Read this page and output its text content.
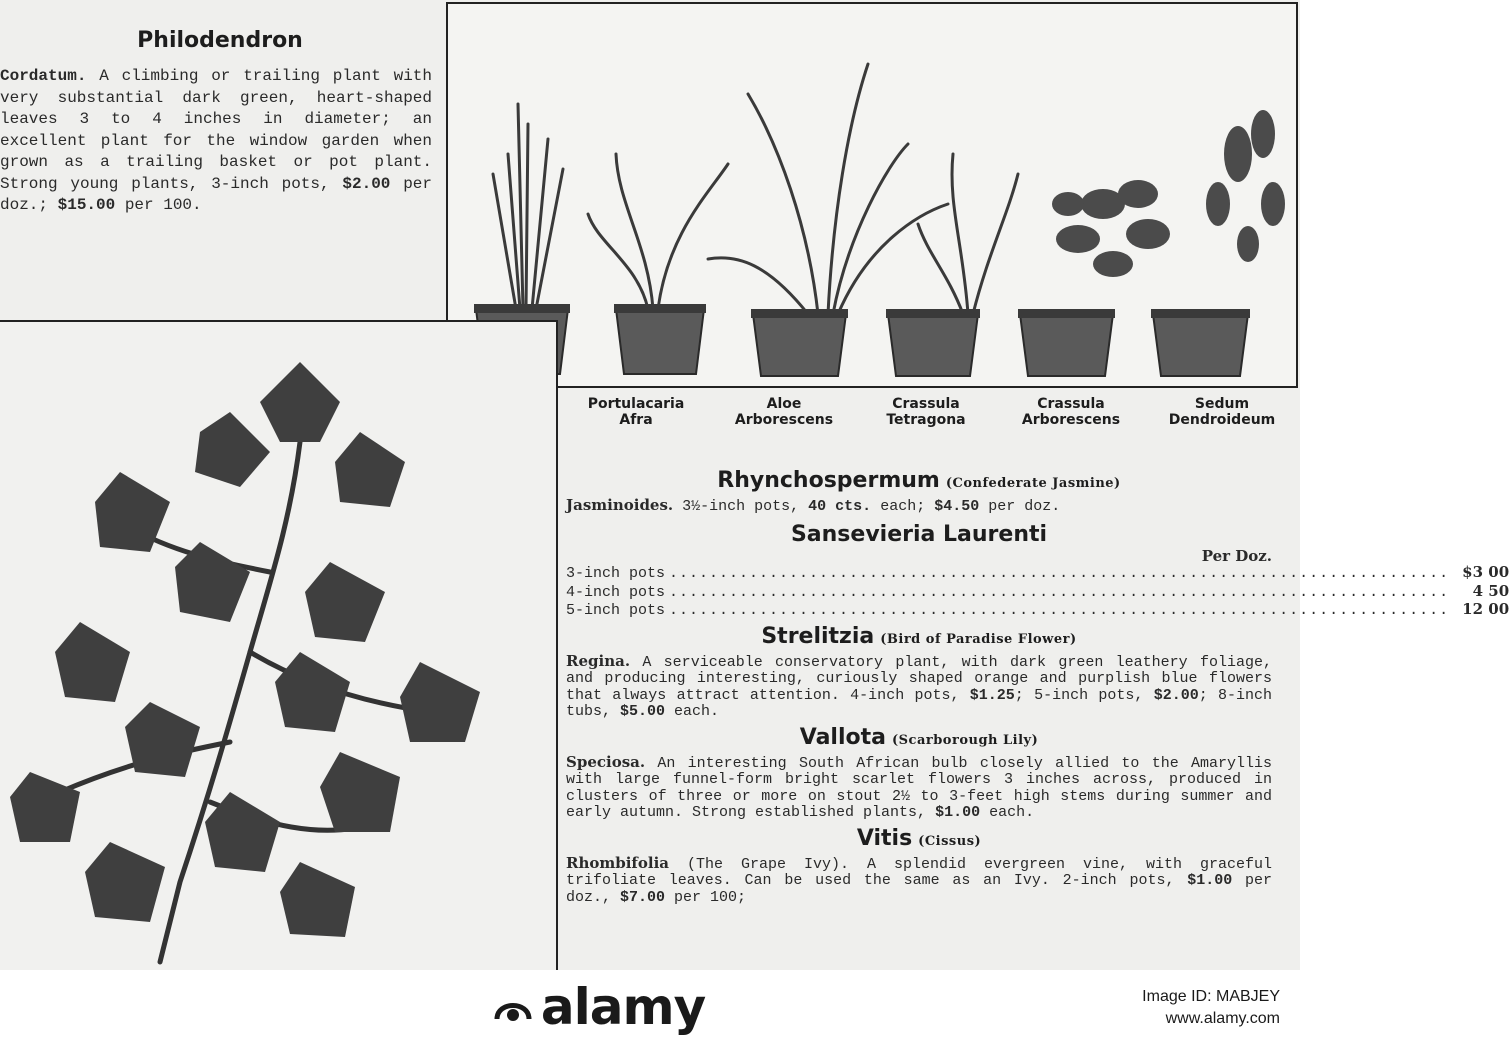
Philodendron
Cordatum. A climbing or trailing plant with very substantial dark green, heart-shaped leaves 3 to 4 inches in diameter; an excellent plant for the window garden when grown as a trailing basket or pot plant. Strong young plants, 3-inch pots, $2.00 per doz.; $15.00 per 100.

Portulacaria
Afra
Aloe
Arborescens
Crassula
Tetragona
Crassula
Arborescens
Sedum
Dendroideum

Rhynchospermum (Confederate Jasmine)

Jasminoides. 3½-inch pots, 40 cts. each; $4.50 per doz.

Sansevieria Laurenti

Per Doz.

3-inch pots .............................................................................. $3 00
4-inch pots ..............................................................................	4 50
5-inch pots .............................................................................. 12 00

Strelitzia (Bird of Paradise Flower)

Regina. A serviceable conservatory plant, with dark green leathery foliage, and producing interesting, curiously shaped orange and purplish blue flowers that always attract attention. 4-inch pots, $1.25; 5-inch pots, $2.00; 8-inch tubs, $5.00 each.

Vallota (Scarborough Lily)

Speciosa. An interesting South African bulb closely allied to the Amaryllis with large funnel-form bright scarlet flowers 3 inches across, produced in clusters of three or more on stout 2½ to 3-feet high stems during summer and early autumn. Strong established plants, $1.00 each.

Vitis (Cissus)

Rhombifolia (The Grape Ivy). A splendid evergreen vine, with graceful trifoliate leaves. Can be used the same as an Ivy. 2-inch pots, $1.00 per doz., $7.00 per 100;

alamy	Image ID: MABJEY
www.alamy.com
